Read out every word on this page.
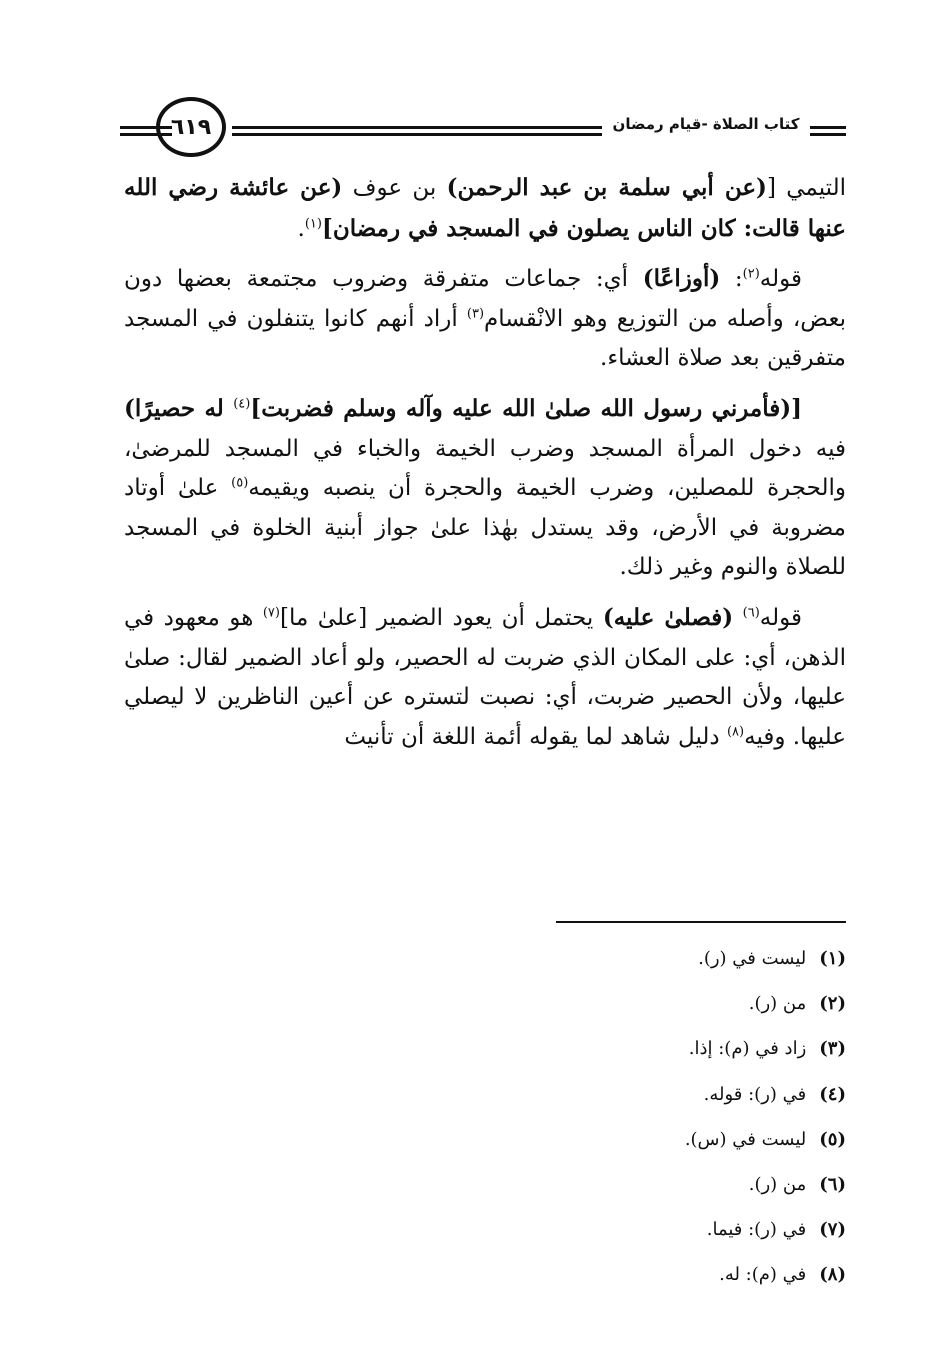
٦١٩	كتاب الصلاة -قيام رمضان

التيمي [(عن أبي سلمة بن عبد الرحمن) بن عوف (عن عائشة رضي الله عنها قالت: كان الناس يصلون في المسجد في رمضان]$^{(١)}$.

قوله$^{(٢)}$: (أوزاعًا) أي: جماعات متفرقة وضروب مجتمعة بعضها دون بعض، وأصله من التوزيع وهو الانْقسام$^{(٣)}$ أراد أنهم كانوا يتنفلون في المسجد متفرقين بعد صلاة العشاء.

[(فأمرني رسول الله صلىٰ الله عليه وآله وسلم فضربت]$^{(٤)}$ له حصيرًا) فيه دخول المرأة المسجد وضرب الخيمة والخباء في المسجد للمرضىٰ، والحجرة للمصلين، وضرب الخيمة والحجرة أن ينصبه ويقيمه$^{(٥)}$ علىٰ أوتاد مضروبة في الأرض، وقد يستدل بهٰذا علىٰ جواز أبنية الخلوة في المسجد للصلاة والنوم وغير ذلك.

قوله$^{(٦)}$ (فصلىٰ عليه) يحتمل أن يعود الضمير [علىٰ ما]$^{(٧)}$ هو معهود في الذهن، أي: على المكان الذي ضربت له الحصير، ولو أعاد الضمير لقال: صلىٰ عليها، ولأن الحصير ضربت، أي: نصبت لتستره عن أعين الناظرين لا ليصلي عليها. وفيه$^{(٨)}$ دليل شاهد لما يقوله أئمة اللغة أن تأنيث

(١) ليست في (ر).
(٢) من (ر).
(٣) زاد في (م): إذا.
(٤) في (ر): قوله.
(٥) ليست في (س).
(٦) من (ر).
(٧) في (ر): فيما.
(٨) في (م): له.
